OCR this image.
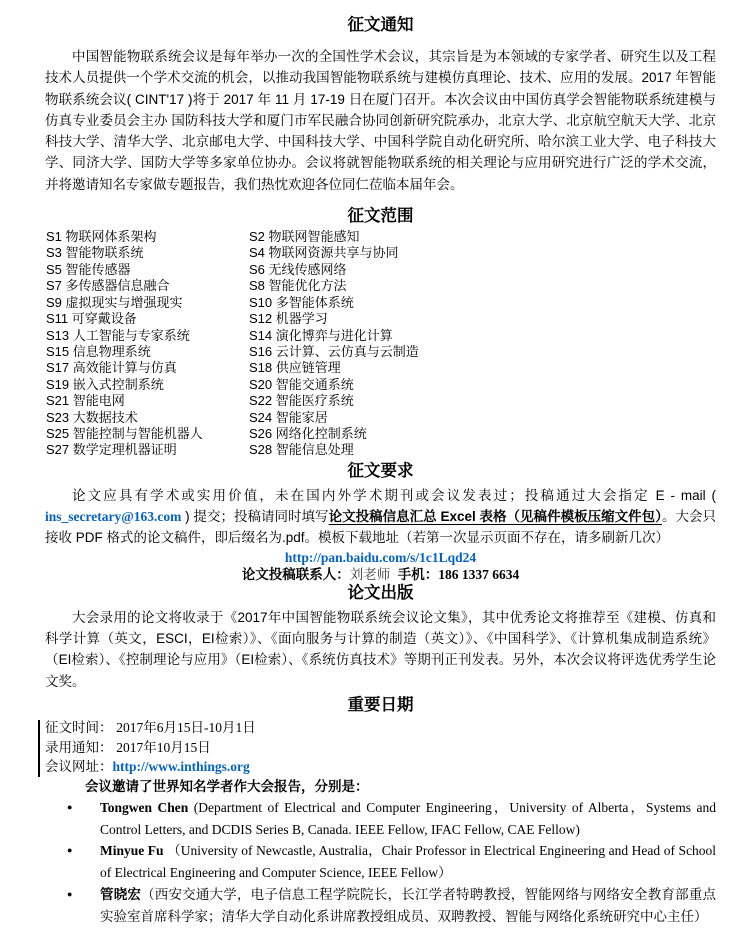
征文通知

中国智能物联系统会议是每年举办一次的全国性学术会议，其宗旨是为本领域的专家学者、研究生以及工程技术人员提供一个学术交流的机会，以推动我国智能物联系统与建模仿真理论、技术、应用的发展。2017 年智能物联系统会议( CINT'17 )将于 2017 年 11 月 17-19 日在厦门召开。本次会议由中国仿真学会智能物联系统建模与仿真专业委员会主办 国防科技大学和厦门市军民融合协同创新研究院承办，北京大学、北京航空航天大学、北京科技大学、清华大学、北京邮电大学、中国科技大学、中国科学院自动化研究所、哈尔滨工业大学、电子科技大学、同济大学、国防大学等多家单位协办。会议将就智能物联系统的相关理论与应用研究进行广泛的学术交流，并将邀请知名专家做专题报告，我们热忱欢迎各位同仁莅临本届年会。

征文范围
S1 物联网体系架构	S2 物联网智能感知
S3 智能物联系统	S4 物联网资源共享与协同
S5 智能传感器	S6 无线传感网络
S7 多传感器信息融合	S8 智能优化方法
S9 虚拟现实与增强现实	S10 多智能体系统
S11 可穿戴设备	S12 机器学习
S13 人工智能与专家系统	S14 演化博弈与进化计算
S15 信息物理系统	S16 云计算、云仿真与云制造
S17 高效能计算与仿真	S18 供应链管理
S19 嵌入式控制系统	S20 智能交通系统
S21 智能电网	S22 智能医疗系统
S23 大数据技术	S24 智能家居
S25 智能控制与智能机器人	S26 网络化控制系统
S27 数学定理机器证明	S28 智能信息处理
征文要求

论文应具有学术或实用价值，未在国内外学术期刊或会议发表过；投稿通过大会指定 E - mail ( ins_secretary@163.com ) 提交；投稿请同时填写论文投稿信息汇总 Excel 表格（见稿件模板压缩文件包）。大会只接收 PDF 格式的论文稿件，即后缀名为.pdf。模板下载地址（若第一次显示页面不存在，请多刷新几次）

http://pan.baidu.com/s/1c1Lqd24

论文投稿联系人：刘老师 手机：186 1337 6634

论文出版

大会录用的论文将收录于《2017年中国智能物联系统会议论文集》，其中优秀论文将推荐至《建模、仿真和科学计算（英文，ESCI，EI检索）》、《面向服务与计算的制造（英文）》、《中国科学》、《计算机集成制造系统》（EI检索）、《控制理论与应用》（EI检索）、《系统仿真技术》等期刊正刊发表。另外，本次会议将评选优秀学生论文奖。

重要日期
征文时间： 2017年6月15日-10月1日
录用通知： 2017年10月15日
会议网址：http://www.inthings.org

会议邀请了世界知名学者作大会报告，分别是：

●	Tongwen Chen (Department of Electrical and Computer Engineering，University of Alberta，Systems and Control Letters, and DCDIS Series B, Canada. IEEE Fellow, IFAC Fellow, CAE Fellow)
●	Minyue Fu （University of Newcastle, Australia，Chair Professor in Electrical Engineering and Head of School of Electrical Engineering and Computer Science, IEEE Fellow）
●	管晓宏（西安交通大学，电子信息工程学院院长，长江学者特聘教授，智能网络与网络安全教育部重点实验室首席科学家；清华大学自动化系讲席教授组成员、双聘教授、智能与网络化系统研究中心主任）
